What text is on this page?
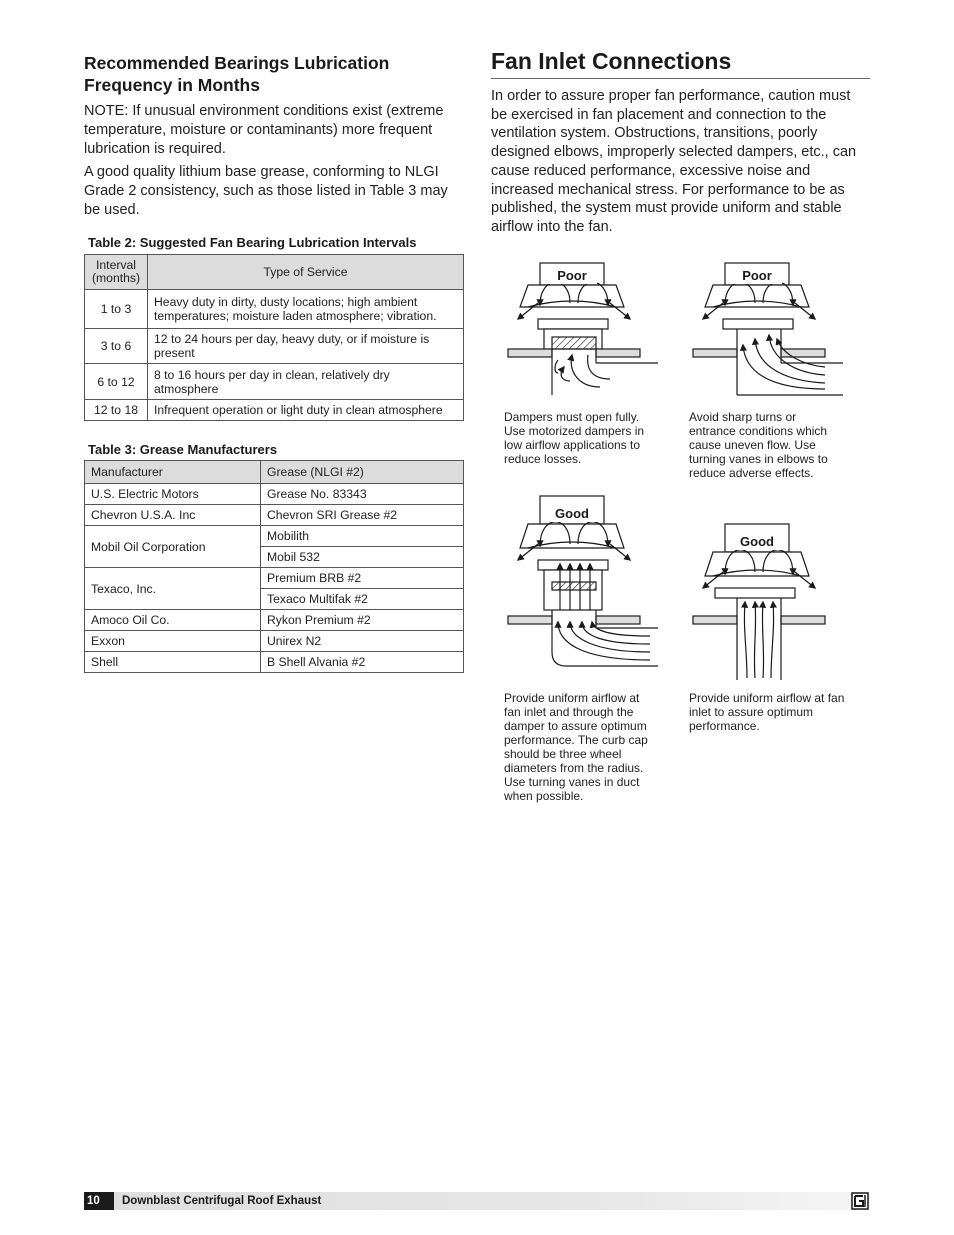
Recommended Bearings Lubrication Frequency in Months

NOTE: If unusual environment conditions exist (extreme temperature, moisture or contaminants) more frequent lubrication is required.

A good quality lithium base grease, conforming to NLGI Grade 2 consistency, such as those listed in Table 3 may be used.

Table 2: Suggested Fan Bearing Lubrication Intervals
Interval (months)	Type of Service
1 to 3	Heavy duty in dirty, dusty locations; high ambient temperatures; moisture laden atmosphere; vibration.
3 to 6	12 to 24 hours per day, heavy duty, or if moisture is present
6 to 12	8 to 16 hours per day in clean, relatively dry atmosphere
12 to 18	Infrequent operation or light duty in clean atmosphere
Table 3: Grease Manufacturers
Manufacturer	Grease (NLGI #2)
U.S. Electric Motors	Grease No. 83343
Chevron U.S.A. Inc	Chevron SRI Grease #2
Mobil Oil Corporation	Mobilith
	Mobil 532
Texaco, Inc.	Premium BRB #2
	Texaco Multifak #2
Amoco Oil Co.	Rykon Premium #2
Exxon	Unirex N2
Shell	B Shell Alvania #2
Fan Inlet Connections

In order to assure proper fan performance, caution must be exercised in fan placement and connection to the ventilation system. Obstructions, transitions, poorly designed elbows, improperly selected dampers, etc., can cause reduced performance, excessive noise and increased mechanical stress. For performance to be as published, the system must provide uniform and stable airflow into the fan.

Poor	Poor
Good
Good
Dampers must open fully. Use motorized dampers in low airflow applications to reduce losses.
Avoid sharp turns or entrance conditions which cause uneven flow. Use turning vanes in elbows to reduce adverse effects.
Provide uniform airflow at fan inlet and through the damper to assure optimum performance. The curb cap should be three wheel diameters from the radius. Use turning vanes in duct when possible.
Provide uniform airflow at fan inlet to assure optimum performance.
10	Downblast Centrifugal Roof Exhaust
